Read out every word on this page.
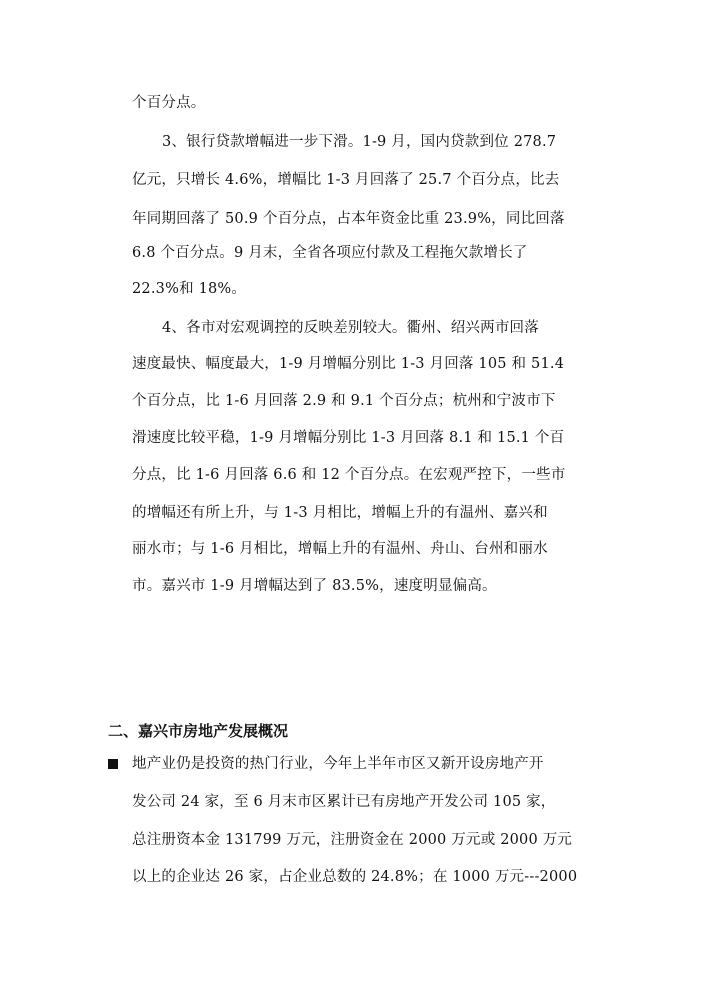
个百分点。
3、银行贷款增幅进一步下滑。1-9 月，国内贷款到位 278.7
亿元，只增长 4.6%，增幅比 1-3 月回落了 25.7 个百分点，比去
年同期回落了 50.9 个百分点，占本年资金比重 23.9%，同比回落
6.8 个百分点。9 月末，全省各项应付款及工程拖欠款增长了
22.3%和 18%。
4、各市对宏观调控的反映差别较大。衢州、绍兴两市回落
速度最快、幅度最大，1-9 月增幅分别比 1-3 月回落 105 和 51.4
个百分点，比 1-6 月回落 2.9 和 9.1 个百分点；杭州和宁波市下
滑速度比较平稳，1-9 月增幅分别比 1-3 月回落 8.1 和 15.1 个百
分点，比 1-6 月回落 6.6 和 12 个百分点。在宏观严控下，一些市
的增幅还有所上升，与 1-3 月相比，增幅上升的有温州、嘉兴和
丽水市；与 1-6 月相比，增幅上升的有温州、舟山、台州和丽水
市。嘉兴市 1-9 月增幅达到了 83.5%，速度明显偏高。
二、嘉兴市房地产发展概况
地产业仍是投资的热门行业，今年上半年市区又新开设房地产开
发公司 24 家，至 6 月末市区累计已有房地产开发公司 105 家，
总注册资本金 131799 万元，注册资金在 2000 万元或 2000 万元
以上的企业达 26 家，占企业总数的 24.8%；在 1000 万元---2000
